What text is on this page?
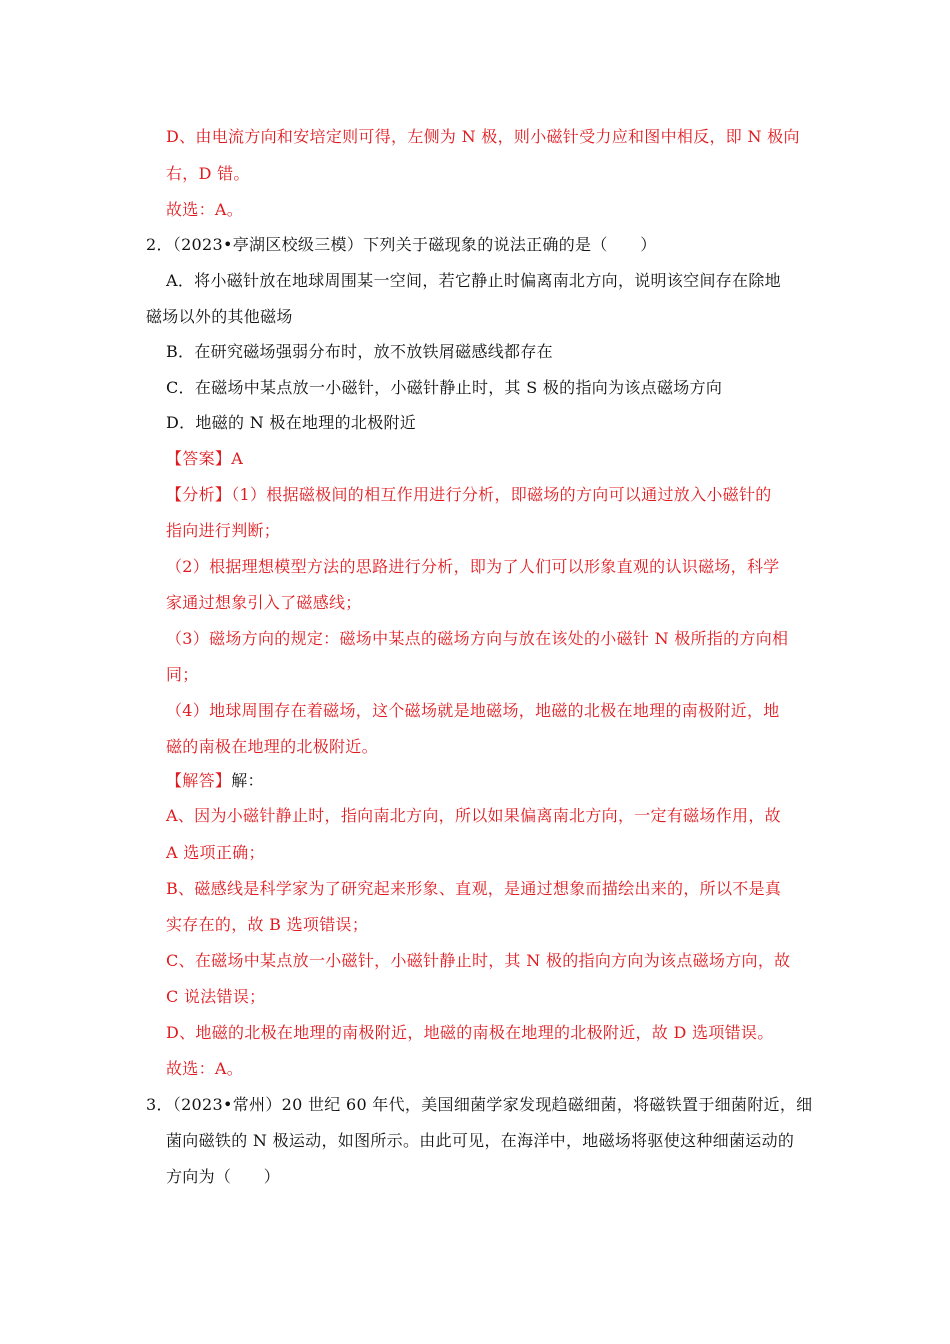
D、由电流方向和安培定则可得，左侧为 N 极，则小磁针受力应和图中相反，即 N 极向
右，D 错。
故选：A。
2．（2023•亭湖区校级三模）下列关于磁现象的说法正确的是（　　）
A．将小磁针放在地球周围某一空间，若它静止时偏离南北方向，说明该空间存在除地
磁场以外的其他磁场
B．在研究磁场强弱分布时，放不放铁屑磁感线都存在
C．在磁场中某点放一小磁针，小磁针静止时，其 S 极的指向为该点磁场方向
D．地磁的 N 极在地理的北极附近
【答案】A
【分析】（1）根据磁极间的相互作用进行分析，即磁场的方向可以通过放入小磁针的
指向进行判断；
（2）根据理想模型方法的思路进行分析，即为了人们可以形象直观的认识磁场，科学
家通过想象引入了磁感线；
（3）磁场方向的规定：磁场中某点的磁场方向与放在该处的小磁针 N 极所指的方向相
同；
（4）地球周围存在着磁场，这个磁场就是地磁场，地磁的北极在地理的南极附近，地
磁的南极在地理的北极附近。
【解答】解：
A、因为小磁针静止时，指向南北方向，所以如果偏离南北方向，一定有磁场作用，故
A 选项正确；
B、磁感线是科学家为了研究起来形象、直观，是通过想象而描绘出来的，所以不是真
实存在的，故 B 选项错误；
C、在磁场中某点放一小磁针，小磁针静止时，其 N 极的指向方向为该点磁场方向，故
C 说法错误；
D、地磁的北极在地理的南极附近，地磁的南极在地理的北极附近，故 D 选项错误。
故选：A。
3．（2023•常州）20 世纪 60 年代，美国细菌学家发现趋磁细菌，将磁铁置于细菌附近，细
菌向磁铁的 N 极运动，如图所示。由此可见，在海洋中，地磁场将驱使这种细菌运动的
方向为（　　）
